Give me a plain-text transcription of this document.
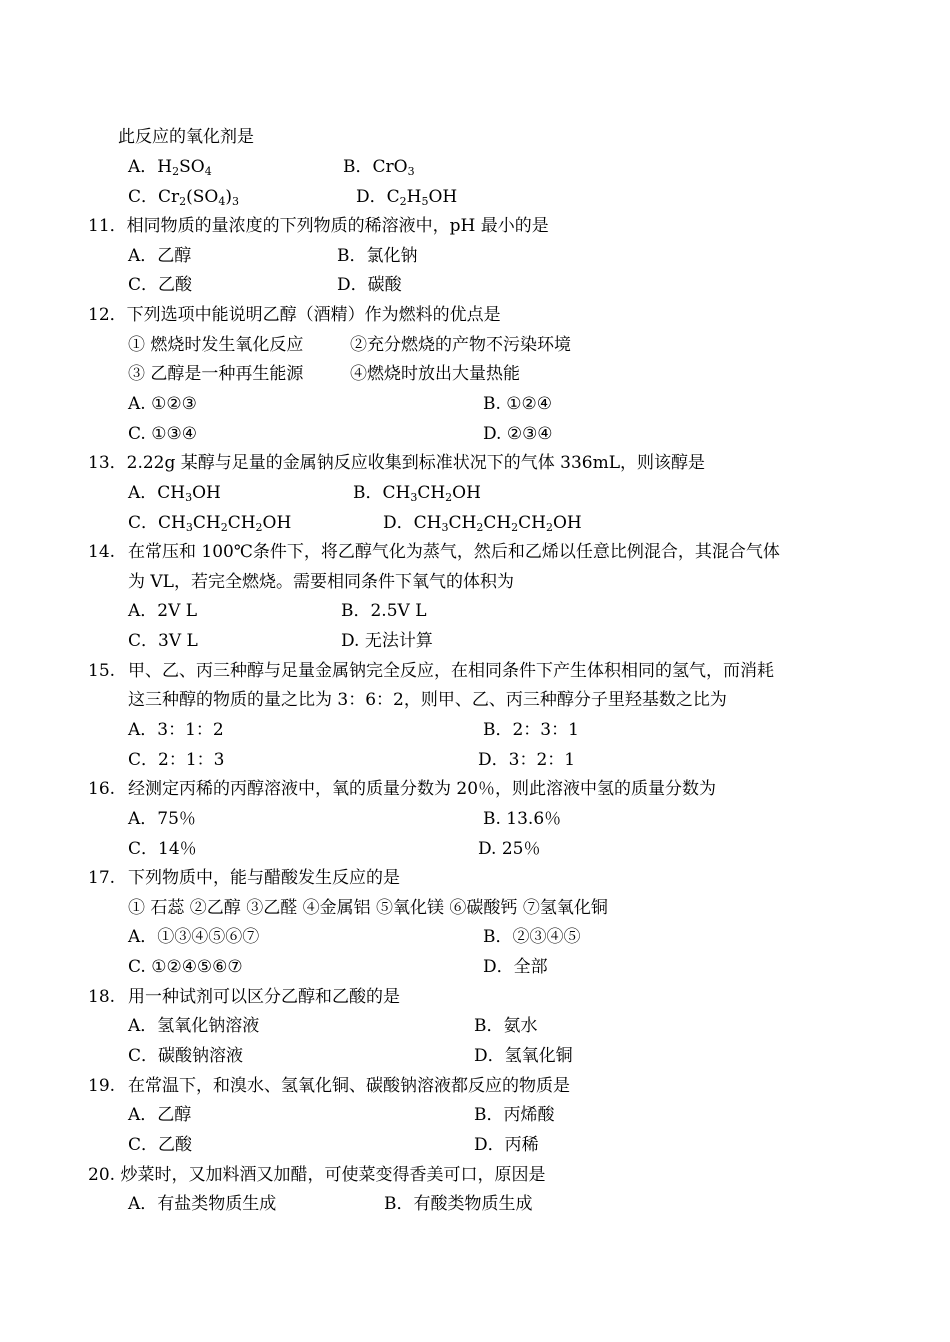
此反应的氧化剂是
A．$H_2SO_4$	B．CrO$_3$
C．$Cr_2(SO_4)_3$	D．$C_2H_5OH$
11．相同物质的量浓度的下列物质的稀溶液中，pH 最小的是
A．乙醇	B．氯化钠
C．乙酸	D．碳酸
12．下列选项中能说明乙醇（酒精）作为燃料的优点是
① 燃烧时发生氧化反应	②充分燃烧的产物不污染环境
③ 乙醇是一种再生能源	④燃烧时放出大量热能
A. ①②③	B. ①②④
C. ①③④	D. ②③④
13．2.22g 某醇与足量的金属钠反应收集到标准状况下的气体 336mL，则该醇是
A．$CH_3OH$	B．$CH_3CH_2OH$
C．$CH_3CH_2CH_2OH$	D．$CH_3CH_2CH_2CH_2OH$
14. 在常压和 100℃条件下，将乙醇气化为蒸气，然后和乙烯以任意比例混合，其混合气体
为 VL，若完全燃烧。需要相同条件下氧气的体积为
A．2V L	B．2.5V L
C．3V L	D. 无法计算
15. 甲、乙、丙三种醇与足量金属钠完全反应，在相同条件下产生体积相同的氢气，而消耗
这三种醇的物质的量之比为 3：6：2，则甲、乙、丙三种醇分子里羟基数之比为
A．3：1：2	B．2：3：1
C．2：1：3	D．3：2：1
16. 经测定丙稀的丙醇溶液中，氧的质量分数为 20％，则此溶液中氢的质量分数为
A．75％	B. 13.6％
C．14％	D. 25％
17. 下列物质中，能与醋酸发生反应的是
① 石蕊 ②乙醇 ③乙醛 ④金属铝 ⑤氧化镁 ⑥碳酸钙 ⑦氢氧化铜
A．①③④⑤⑥⑦	B．②③④⑤
C. ①②④⑤⑥⑦	D．全部
18. 用一种试剂可以区分乙醇和乙酸的是
A．氢氧化钠溶液	B．氨水
C．碳酸钠溶液	D．氢氧化铜
19. 在常温下，和溴水、氢氧化铜、碳酸钠溶液都反应的物质是
A．乙醇	B．丙烯酸
C．乙酸	D．丙稀
20. 炒菜时，又加料酒又加醋，可使菜变得香美可口，原因是
A．有盐类物质生成	B．有酸类物质生成
